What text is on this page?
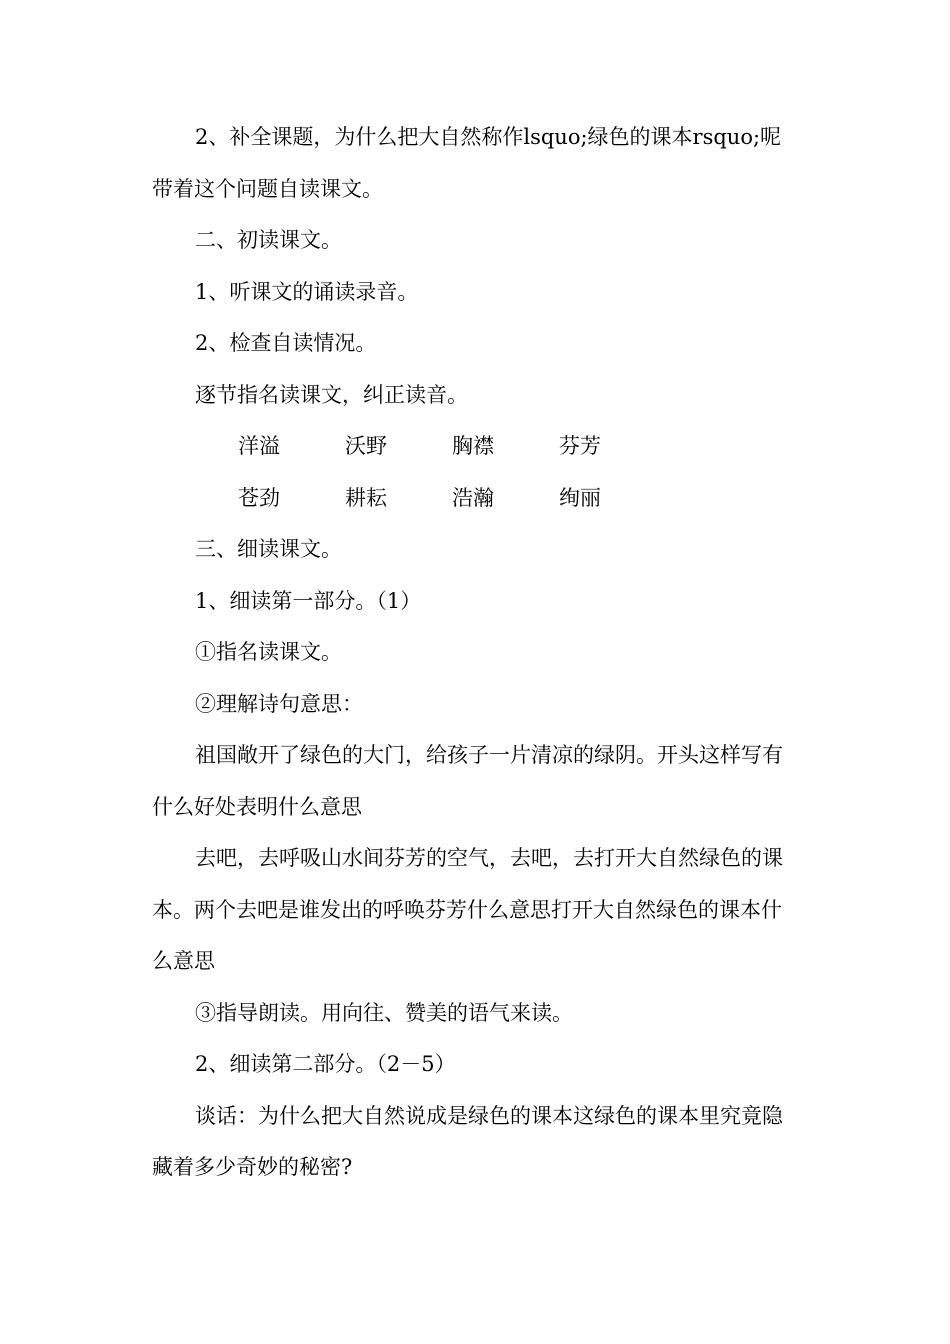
2、补全课题，为什么把大自然称作lsquo;绿色的课本rsquo;呢带着这个问题自读课文。

二、初读课文。

1、听课文的诵读录音。

2、检查自读情况。

逐节指名读课文，纠正读音。

洋溢	沃野	胸襟	芬芳

苍劲	耕耘	浩瀚	绚丽

三、细读课文。

1、细读第一部分。（1）

①指名读课文。

②理解诗句意思：

祖国敞开了绿色的大门，给孩子一片清凉的绿阴。开头这样写有什么好处表明什么意思

去吧，去呼吸山水间芬芳的空气，去吧，去打开大自然绿色的课本。两个去吧是谁发出的呼唤芬芳什么意思打开大自然绿色的课本什么意思

③指导朗读。用向往、赞美的语气来读。

2、细读第二部分。（2－5）

谈话：为什么把大自然说成是绿色的课本这绿色的课本里究竟隐藏着多少奇妙的秘密?
